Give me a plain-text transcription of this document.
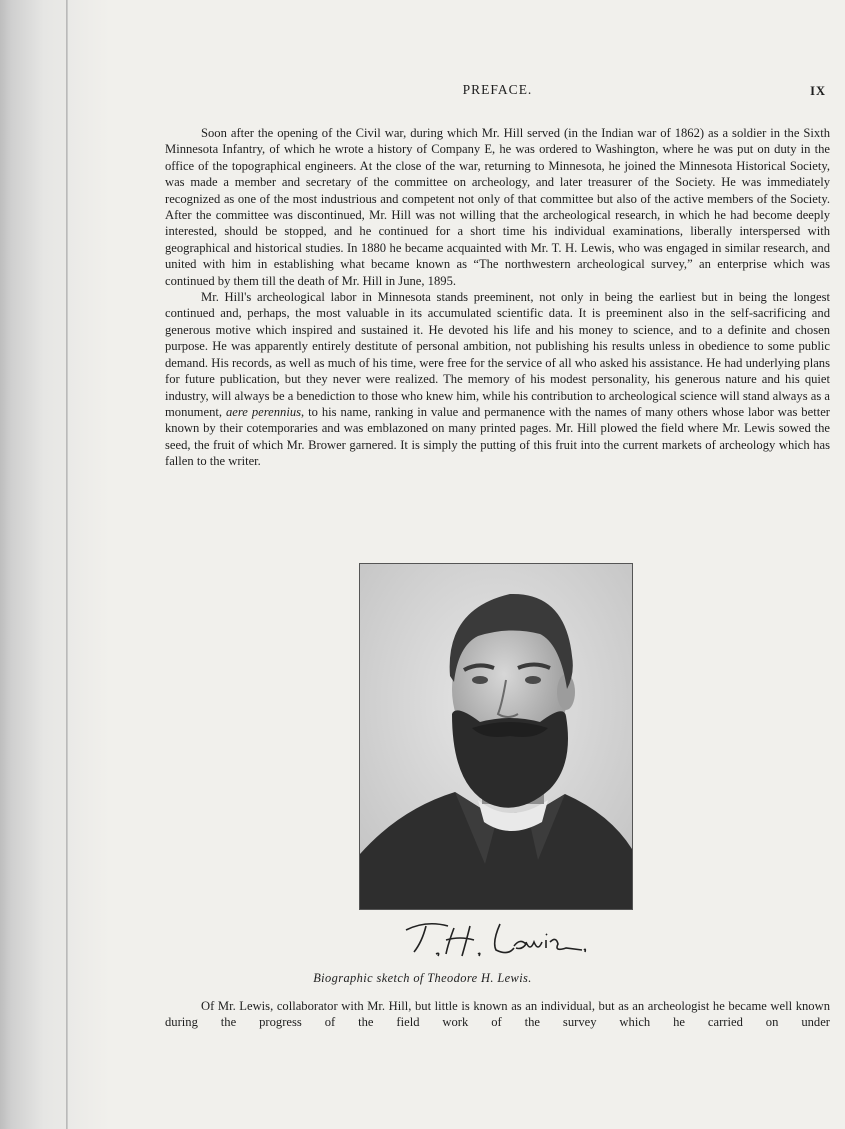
PREFACE.	IX

Soon after the opening of the Civil war, during which Mr. Hill served (in the Indian war of 1862) as a soldier in the Sixth Minnesota Infantry, of which he wrote a history of Company E, he was ordered to Washington, where he was put on duty in the office of the topographical engineers. At the close of the war, returning to Minnesota, he joined the Minnesota Historical Society, was made a member and secretary of the committee on archeology, and later treasurer of the Society. He was immediately recognized as one of the most industrious and competent not only of that committee but also of the active members of the Society. After the committee was discontinued, Mr. Hill was not willing that the archeological research, in which he had become deeply interested, should be stopped, and he continued for a short time his individual examinations, liberally interspersed with geographical and historical studies. In 1880 he became acquainted with Mr. T. H. Lewis, who was engaged in similar research, and united with him in establishing what became known as “The northwestern archeological survey,” an enterprise which was continued by them till the death of Mr. Hill in June, 1895.

Mr. Hill's archeological labor in Minnesota stands preeminent, not only in being the earliest but in being the longest continued and, perhaps, the most valuable in its accumulated scientific data. It is preeminent also in the self-sacrificing and generous motive which inspired and sustained it. He devoted his life and his money to science, and to a definite and chosen purpose. He was apparently entirely destitute of personal ambition, not publishing his results unless in obedience to some public demand. His records, as well as much of his time, were free for the service of all who asked his assistance. He had underlying plans for future publication, but they never were realized. The memory of his modest personality, his generous nature and his quiet industry, will always be a benediction to those who knew him, while his contribution to archeological science will stand always as a monument, aere perennius, to his name, ranking in value and permanence with the names of many others whose labor was better known by their cotemporaries and was emblazoned on many printed pages. Mr. Hill plowed the field where Mr. Lewis sowed the seed, the fruit of which Mr. Brower garnered. It is simply the putting of this fruit into the current markets of archeology which has fallen to the writer.

T. H. Lewis.
Biographic sketch of Theodore H. Lewis.

Of Mr. Lewis, collaborator with Mr. Hill, but little is known as an individual, but as an archeologist he became well known during the progress of the field work of the survey which he carried on under
